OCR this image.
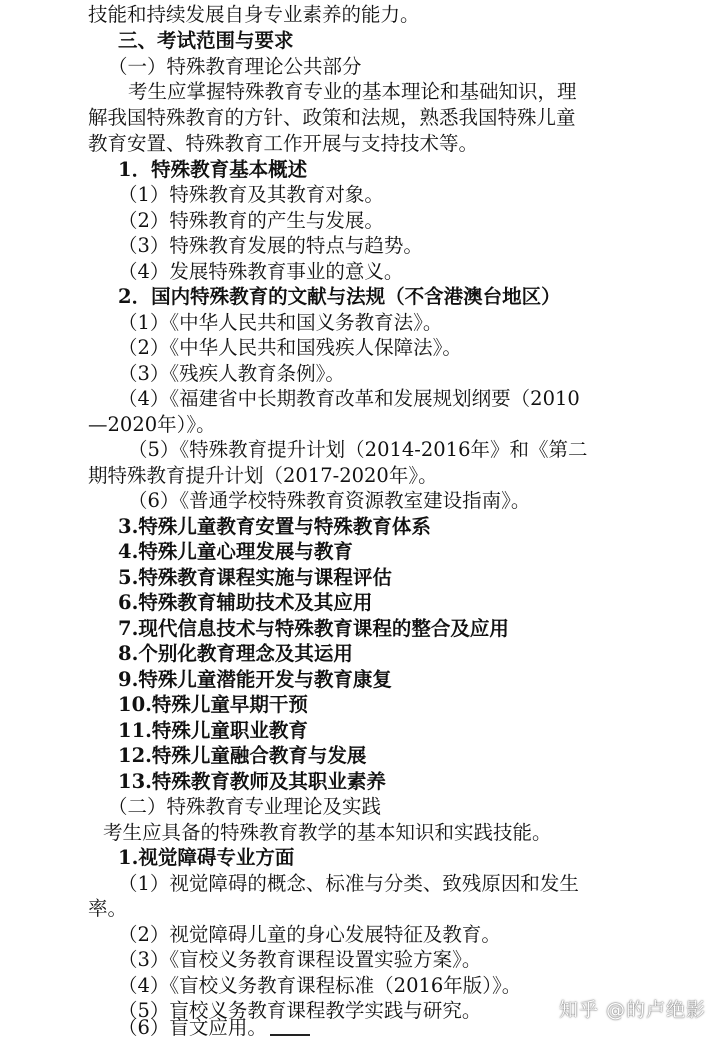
技能和持续发展自身专业素养的能力。
三、考试范围与要求
（一）特殊教育理论公共部分
考生应掌握特殊教育专业的基本理论和基础知识，理
解我国特殊教育的方针、政策和法规，熟悉我国特殊儿童
教育安置、特殊教育工作开展与支持技术等。
1．特殊教育基本概述
（1）特殊教育及其教育对象。
（2）特殊教育的产生与发展。
（3）特殊教育发展的特点与趋势。
（4）发展特殊教育事业的意义。
2．国内特殊教育的文献与法规（不含港澳台地区）
（1）《中华人民共和国义务教育法》。
（2）《中华人民共和国残疾人保障法》。
（3）《残疾人教育条例》。
（4）《福建省中长期教育改革和发展规划纲要（2010
—2020年）》。
（5）《特殊教育提升计划（2014-2016年》和《第二
期特殊教育提升计划（2017-2020年》。
（6）《普通学校特殊教育资源教室建设指南》。
3.特殊儿童教育安置与特殊教育体系
4.特殊儿童心理发展与教育
5.特殊教育课程实施与课程评估
6.特殊教育辅助技术及其应用
7.现代信息技术与特殊教育课程的整合及应用
8.个别化教育理念及其运用
9.特殊儿童潜能开发与教育康复
10.特殊儿童早期干预
11.特殊儿童职业教育
12.特殊儿童融合教育与发展
13.特殊教育教师及其职业素养
（二）特殊教育专业理论及实践
考生应具备的特殊教育教学的基本知识和实践技能。
1.视觉障碍专业方面
（1）视觉障碍的概念、标准与分类、致残原因和发生
率。
（2）视觉障碍儿童的身心发展特征及教育。
（3）《盲校义务教育课程设置实验方案》。
（4）《盲校义务教育课程标准（2016年版）》。
（5）盲校义务教育课程教学实践与研究。
（6）盲文应用。
知乎 @的卢绝影
